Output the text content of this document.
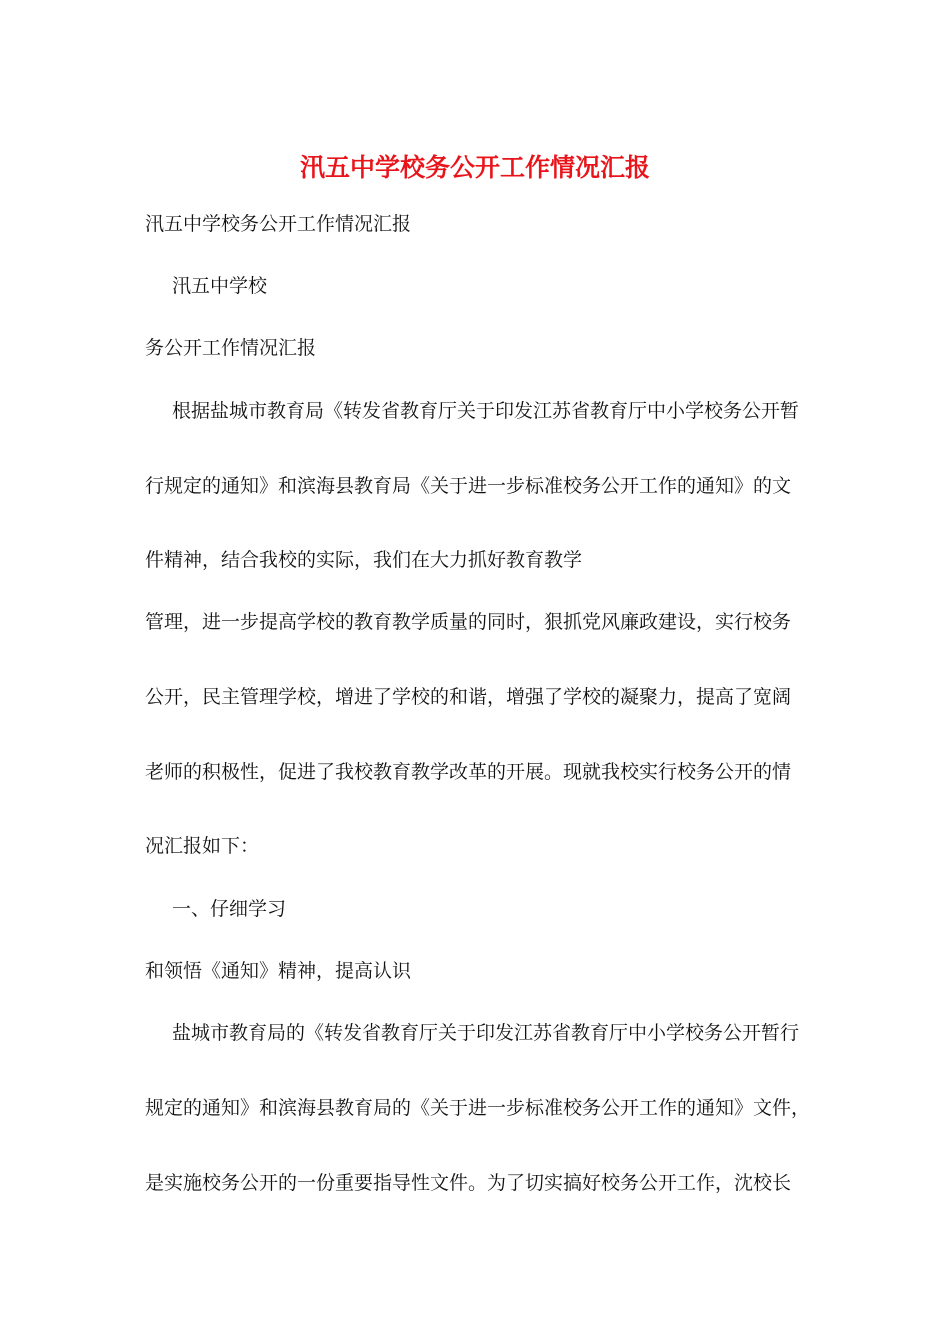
汛五中学校务公开工作情况汇报
汛五中学校务公开工作情况汇报
汛五中学校
务公开工作情况汇报
根据盐城市教育局《转发省教育厅关于印发江苏省教育厅中小学校务公开暂
行规定的通知》和滨海县教育局《关于进一步标准校务公开工作的通知》的文
件精神，结合我校的实际，我们在大力抓好教育教学
管理，进一步提高学校的教育教学质量的同时，狠抓党风廉政建设，实行校务
公开，民主管理学校，增进了学校的和谐，增强了学校的凝聚力，提高了宽阔
老师的积极性，促进了我校教育教学改革的开展。现就我校实行校务公开的情
况汇报如下：
一、仔细学习
和领悟《通知》精神，提高认识
盐城市教育局的《转发省教育厅关于印发江苏省教育厅中小学校务公开暂行
规定的通知》和滨海县教育局的《关于进一步标准校务公开工作的通知》文件，
是实施校务公开的一份重要指导性文件。为了切实搞好校务公开工作，沈校长
